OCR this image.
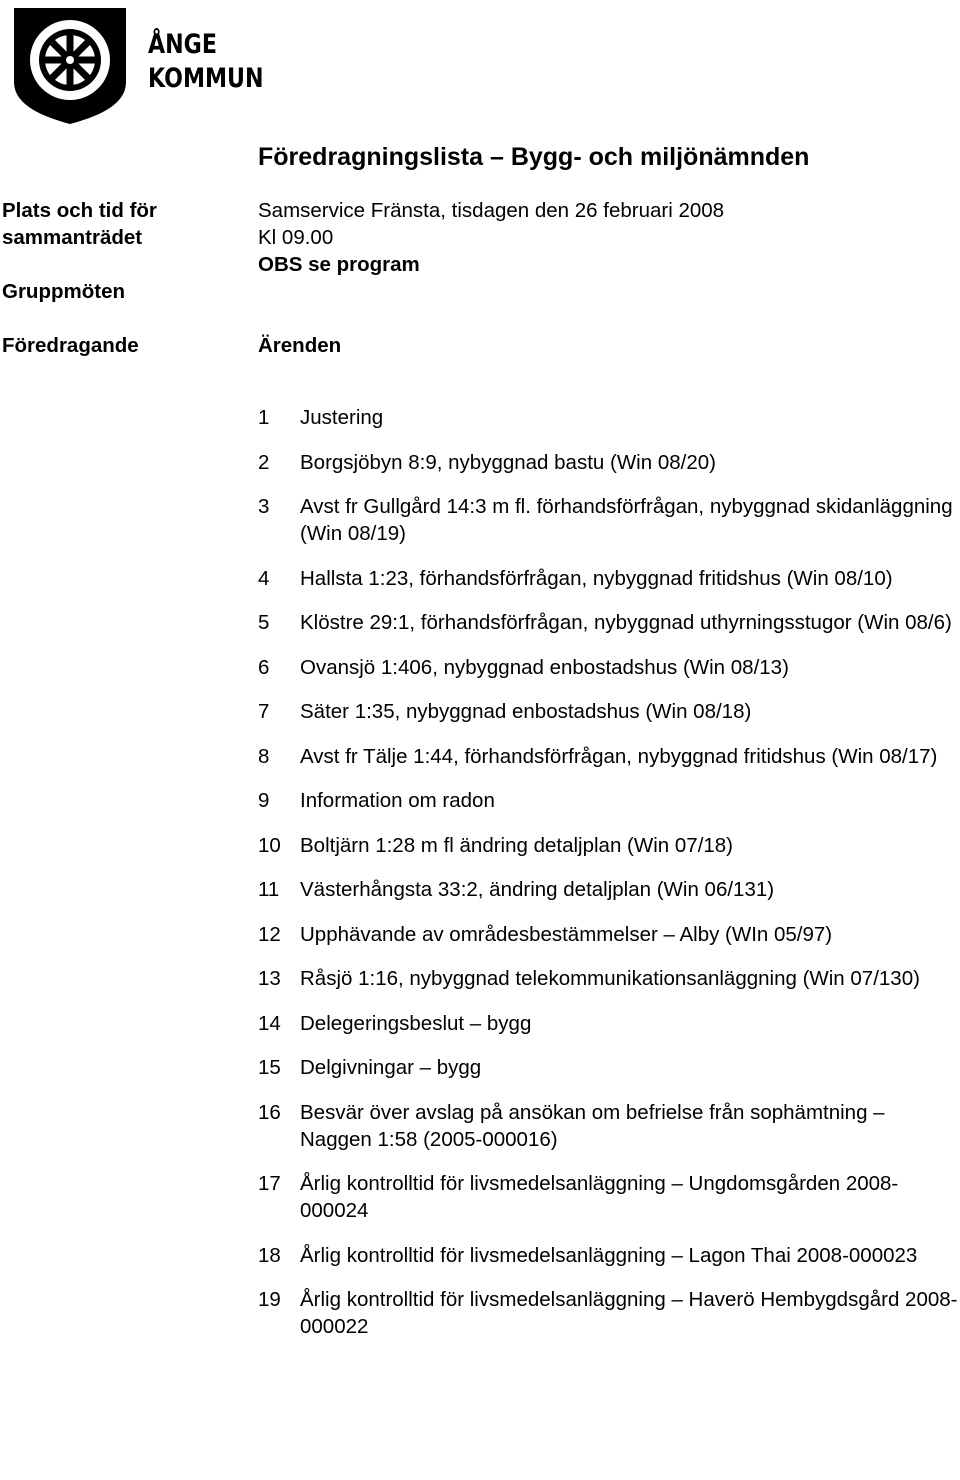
ÅNGE
KOMMUN
Föredragningslista – Bygg- och miljönämnden
Plats och tid för
sammanträdet
Samservice Fränsta, tisdagen den 26 februari 2008
Kl 09.00
OBS se program
Gruppmöten
Föredragande	Ärenden
1 Justering
2 Borgsjöbyn 8:9, nybyggnad bastu (Win 08/20)
3 Avst fr Gullgård 14:3 m fl. förhandsförfrågan, nybyggnad skidanläggning (Win 08/19)
4 Hallsta 1:23, förhandsförfrågan, nybyggnad fritidshus (Win 08/10)
5 Klöstre 29:1, förhandsförfrågan, nybyggnad uthyrningsstugor (Win 08/6)
6 Ovansjö 1:406, nybyggnad enbostadshus (Win 08/13)
7 Säter 1:35, nybyggnad enbostadshus (Win 08/18)
8 Avst fr Tälje 1:44, förhandsförfrågan, nybyggnad fritidshus (Win 08/17)
9 Information om radon
10 Boltjärn 1:28 m fl ändring detaljplan (Win 07/18)
11 Västerhångsta 33:2, ändring detaljplan (Win 06/131)
12 Upphävande av områdesbestämmelser – Alby (WIn 05/97)
13 Råsjö 1:16, nybyggnad telekommunikationsanläggning (Win 07/130)
14 Delegeringsbeslut – bygg
15 Delgivningar – bygg
16 Besvär över avslag på ansökan om befrielse från sophämtning – Naggen 1:58 (2005-000016)
17 Årlig kontrolltid för livsmedelsanläggning – Ungdomsgården 2008-000024
18 Årlig kontrolltid för livsmedelsanläggning – Lagon Thai 2008-000023
19 Årlig kontrolltid för livsmedelsanläggning – Haverö Hembygdsgård 2008-000022
